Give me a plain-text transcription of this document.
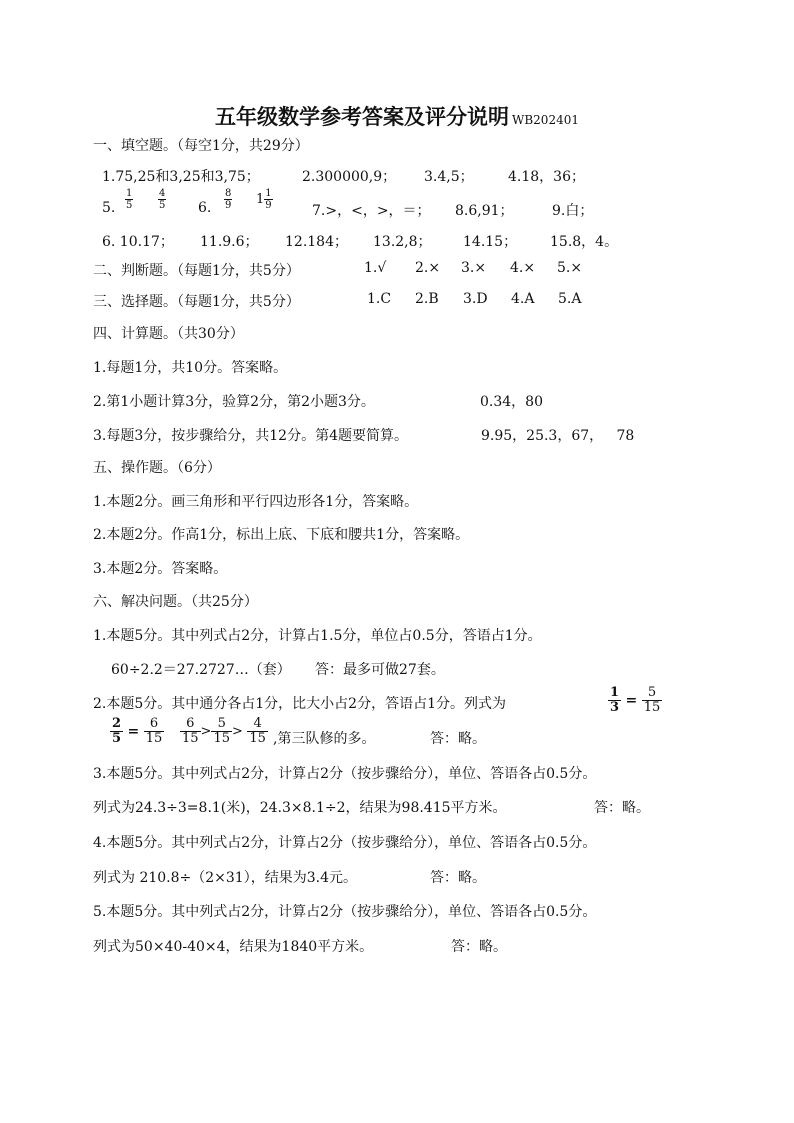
五年级数学参考答案及评分说明 WB202401
一、填空题。（每空1分，共29分）
1.75,25和3,25和3,75；	2.300000,9； 3.4,5； 4.18，36；
5. $\frac{1}{5} \frac{4}{5} 6$. $\frac{8}{9} 1 \frac{1}{9}$	7.>，<，>，＝； 8.6,91；	9.白；
6. 10.17； 11.9.6； 12.184； 13.2,8； 14.15； 15.8，4。
二、判断题。（每题1分，共5分）	1.√ 2.× 3.× 4.× 5.×
三、选择题。（每题1分，共5分）	1.C 2.B 3.D 4.A 5.A
四、计算题。（共30分）
1.每题1分，共10分。答案略。
2.第1小题计算3分，验算2分，第2小题3分。	0.34，80
3.每题3分，按步骤给分，共12分。第4题要简算。	9.95，25.3，67，   78
五、操作题。（6分）
1.本题2分。画三角形和平行四边形各1分，答案略。
2.本题2分。作高1分，标出上底、下底和腰共1分，答案略。
3.本题2分。答案略。
六、解决问题。（共25分）
1.本题5分。其中列式占2分，计算占1.5分，单位占0.5分，答语占1分。
60÷2.2＝27.2727…（套） 答：最多可做27套。
2.本题5分。其中通分各占1分，比大小占2分，答语占1分。列式为	$\frac{1}{3} = \frac{5}{15}$
$\frac{2}{5} = \frac{6}{15} \frac{6}{15} > \frac{5}{15} > \frac{4}{15}$ ,第三队修的多。	答：略。
3.本题5分。其中列式占2分，计算占2分（按步骤给分），单位、答语各占0.5分。
列式为24.3÷3=8.1(米)，24.3×8.1÷2，结果为98.415平方米。	答：略。
4.本题5分。其中列式占2分，计算占2分（按步骤给分），单位、答语各占0.5分。
列式为 210.8÷（2×31），结果为3.4元。	答：略。
5.本题5分。其中列式占2分，计算占2分（按步骤给分），单位、答语各占0.5分。
列式为50×40-40×4，结果为1840平方米。	答：略。
